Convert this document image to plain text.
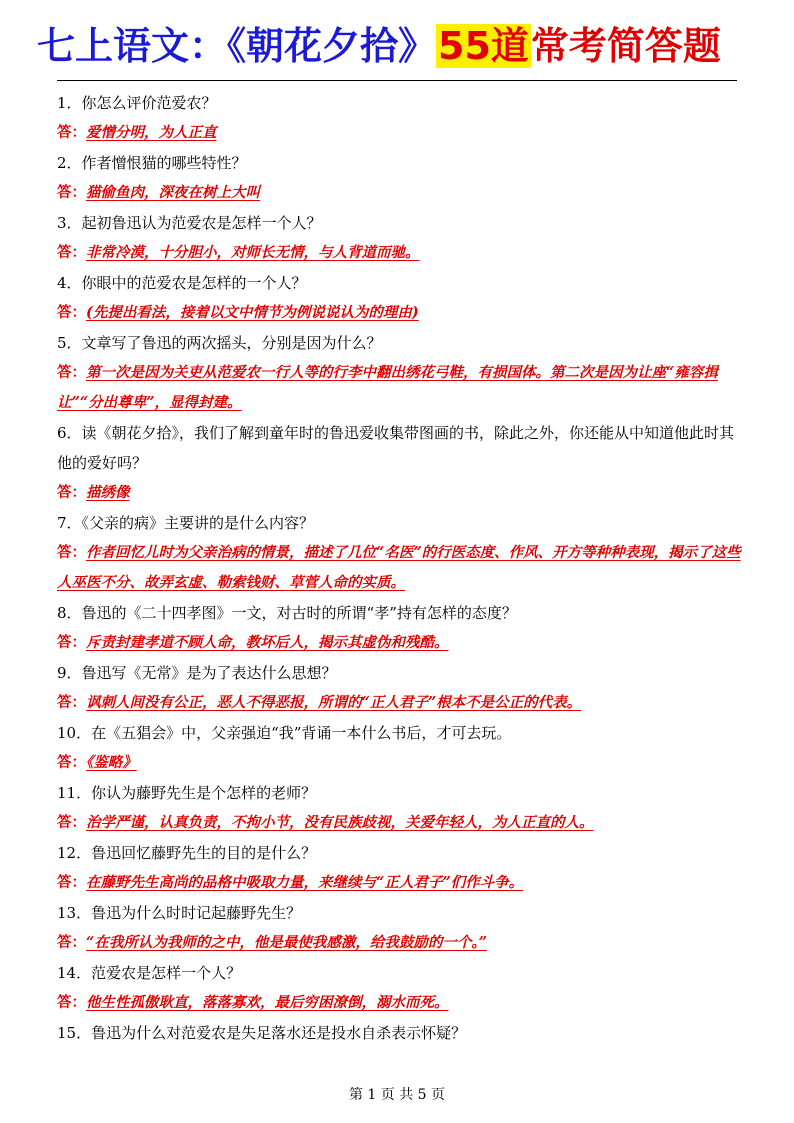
七上语文：《朝花夕拾》55道常考简答题
1．你怎么评价范爱农？
答：爱憎分明，为人正直
2．作者憎恨猫的哪些特性？
答：猫偷鱼肉，深夜在树上大叫
3．起初鲁迅认为范爱农是怎样一个人？
答：非常冷漠，十分胆小，对师长无情，与人背道而驰。
4．你眼中的范爱农是怎样的一个人？
答：(先提出看法，接着以文中情节为例说说认为的理由)
5．文章写了鲁迅的两次摇头，分别是因为什么？
答：第一次是因为关吏从范爱农一行人等的行李中翻出绣花弓鞋，有损国体。第二次是因为让座“雍容揖让”“分出尊卑”，显得封建。
6．读《朝花夕拾》，我们了解到童年时的鲁迅爱收集带图画的书，除此之外，你还能从中知道他此时其他的爱好吗？
答：描绣像
7．《父亲的病》主要讲的是什么内容？
答：作者回忆儿时为父亲治病的情景，描述了几位“名医”的行医态度、作风、开方等种种表现，揭示了这些人巫医不分、故弄玄虚、勒索钱财、草菅人命的实质。
8．鲁迅的《二十四孝图》一文，对古时的所谓“孝”持有怎样的态度？
答：斥责封建孝道不顾人命，教坏后人，揭示其虚伪和残酷。
9．鲁迅写《无常》是为了表达什么思想？
答：讽刺人间没有公正，恶人不得恶报，所谓的“正人君子”根本不是公正的代表。
10．在《五猖会》中，父亲强迫“我”背诵一本什么书后，才可去玩。
答：《鉴略》
11．你认为藤野先生是个怎样的老师？
答：治学严谨，认真负责，不拘小节，没有民族歧视，关爱年轻人，为人正直的人。
12．鲁迅回忆藤野先生的目的是什么？
答：在藤野先生高尚的品格中吸取力量，来继续与“正人君子”们作斗争。
13．鲁迅为什么时时记起藤野先生？
答：“在我所认为我师的之中，他是最使我感激，给我鼓励的一个。”
14．范爱农是怎样一个人？
答：他生性孤傲耿直，落落寡欢，最后穷困潦倒，溺水而死。
15．鲁迅为什么对范爱农是失足落水还是投水自杀表示怀疑？
第 1 页 共 5 页
